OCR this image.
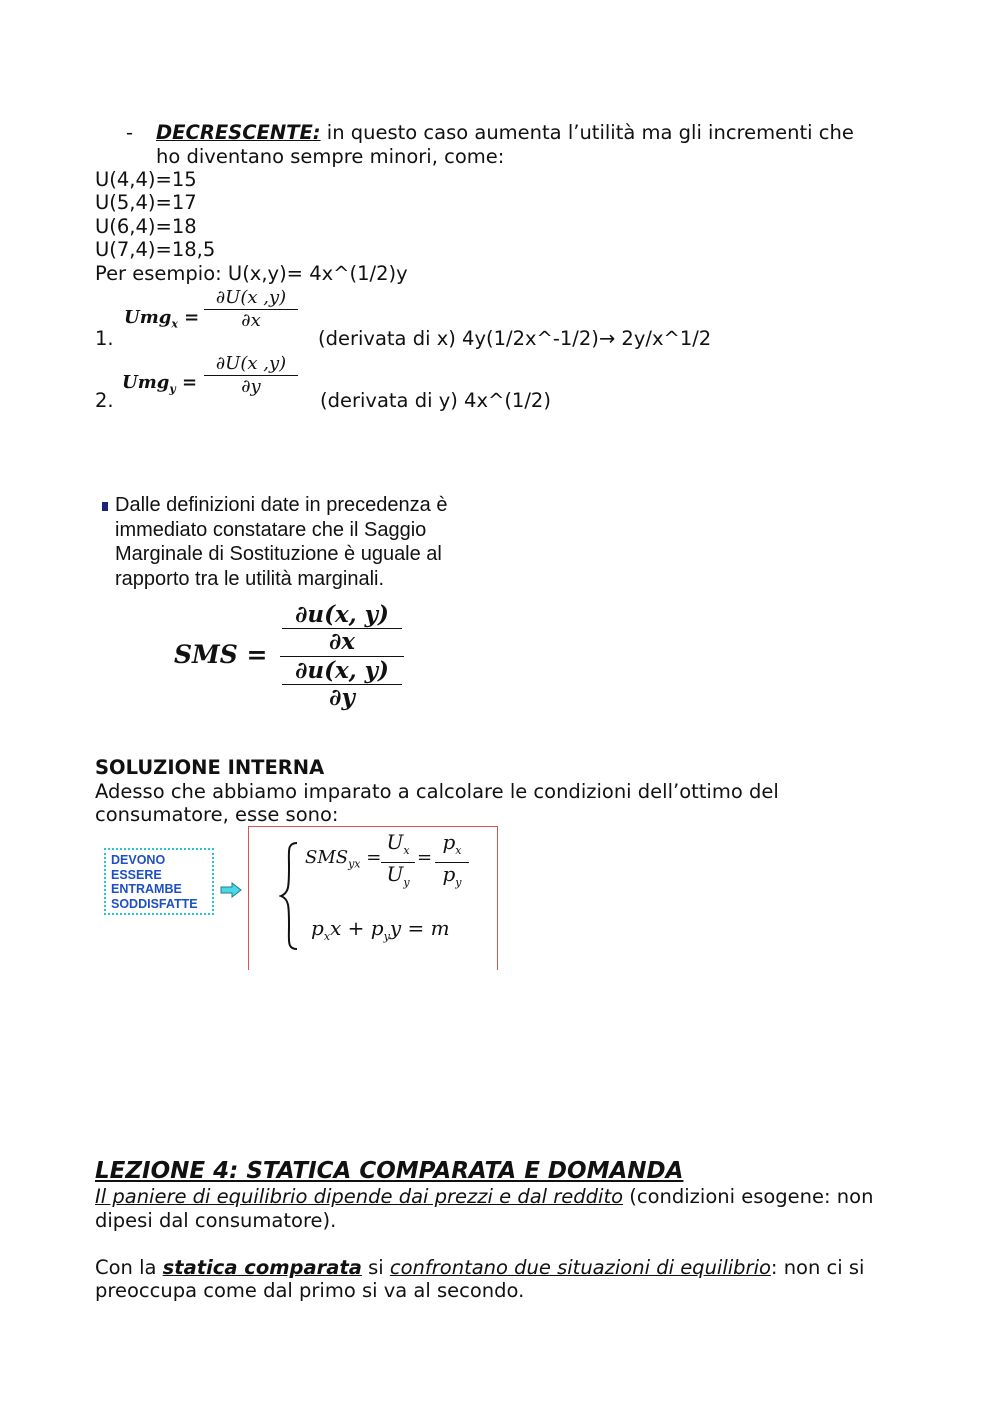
- DECRESCENTE: in questo caso aumenta l’utilità ma gli incrementi che
ho diventano sempre minori, come:
U(4,4)=15
U(5,4)=17
U(6,4)=18
U(7,4)=18,5
Per esempio: U(x,y)= 4x^(1/2)y
1.
Umg$_x$ =
∂U(x ,y)
∂x
(derivata di x) 4y(1/2x^-1/2)→ 2y/x^1/2
2.
Umg$_y$ =
∂U(x ,y)
∂y
(derivata di y) 4x^(1/2)
Dalle definizioni date in precedenza è
immediato constatare che il Saggio
Marginale di Sostituzione è uguale al
rapporto tra le utilità marginali.
SMS =
∂u(x, y)
∂x
∂u(x, y)
∂y
SOLUZIONE INTERNA
Adesso che abbiamo imparato a calcolare le condizioni dell’ottimo del
consumatore, esse sono:
DEVONO
ESSERE
ENTRAMBE
SODDISFATTE
$SMS_{yx}$ =
$U_x$
$U_y$
=
$p_x$
$p_y$
$p_xx + p_yy = m$
LEZIONE 4: STATICA COMPARATA E DOMANDA
Il paniere di equilibrio dipende dai prezzi e dal reddito (condizioni esogene: non
dipesi dal consumatore).
Con la statica comparata si confrontano due situazioni di equilibrio: non ci si
preoccupa come dal primo si va al secondo.
